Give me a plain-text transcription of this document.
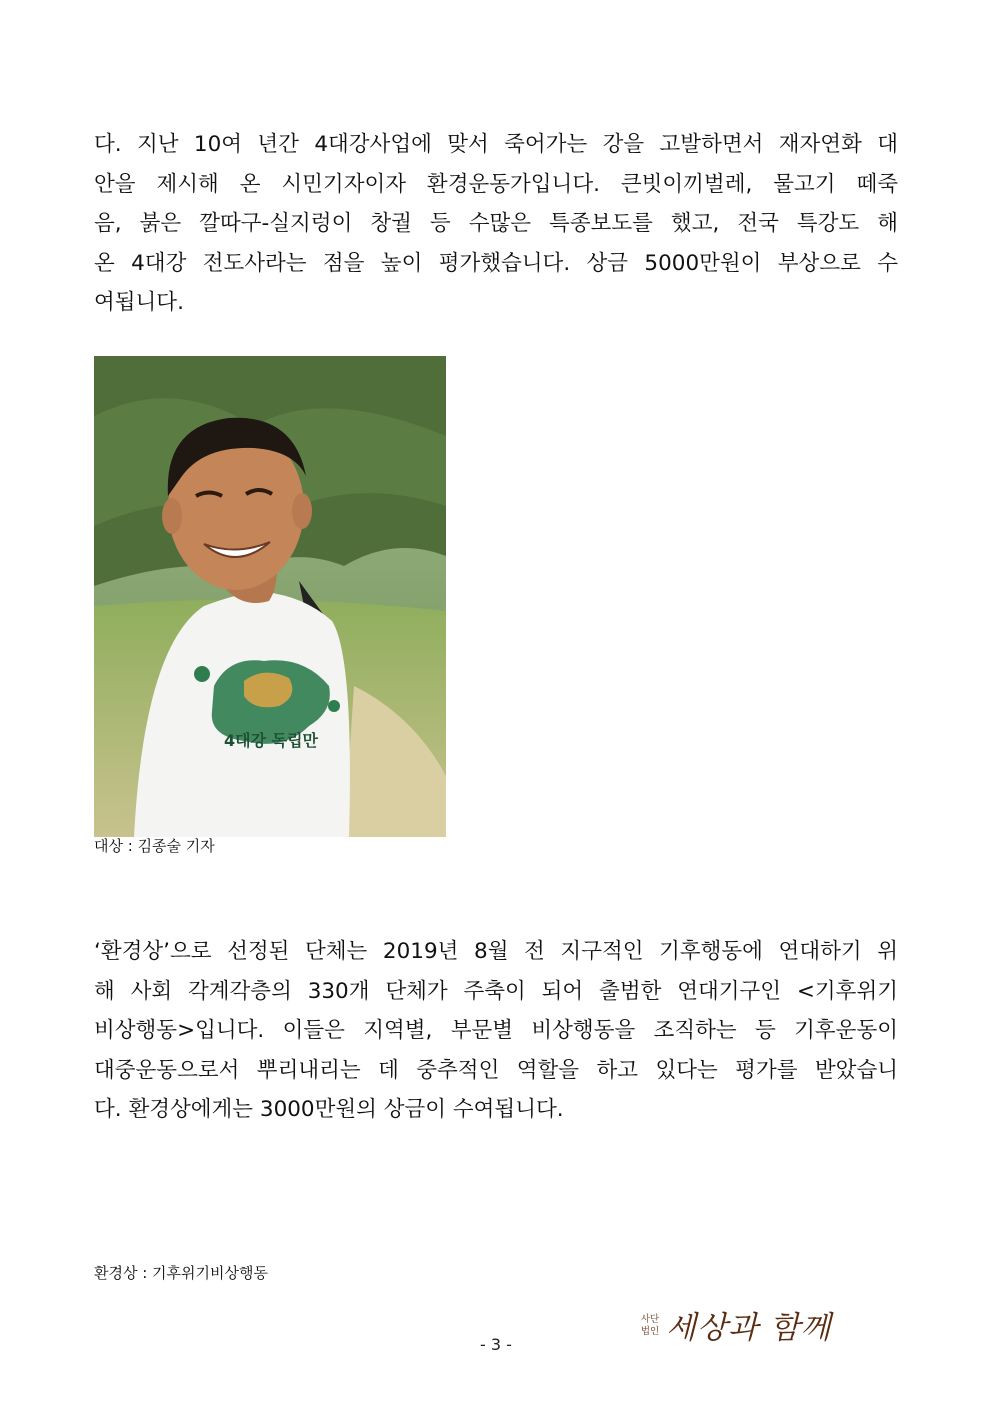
다. 지난 10여 년간 4대강사업에 맞서 죽어가는 강을 고발하면서 재자연화 대
안을 제시해 온 시민기자이자 환경운동가입니다. 큰빗이끼벌레, 물고기 떼죽
음, 붉은 깔따구-실지렁이 창궐 등 수많은 특종보도를 했고, 전국 특강도 해
온 4대강 전도사라는 점을 높이 평가했습니다. 상금 5000만원이 부상으로 수
여됩니다.
4대강 독립만
대상 : 김종술 기자
‘환경상’으로 선정된 단체는 2019년 8월 전 지구적인 기후행동에 연대하기 위
해 사회 각계각층의 330개 단체가 주축이 되어 출범한 연대기구인 <기후위기
비상행동>입니다. 이들은 지역별, 부문별 비상행동을 조직하는 등 기후운동이
대중운동으로서 뿌리내리는 데 중추적인 역할을 하고 있다는 평가를 받았습니
다. 환경상에게는 3000만원의 상금이 수여됩니다.
환경상 : 기후위기비상행동
- 3 -
사단
법인 세상과 함께
